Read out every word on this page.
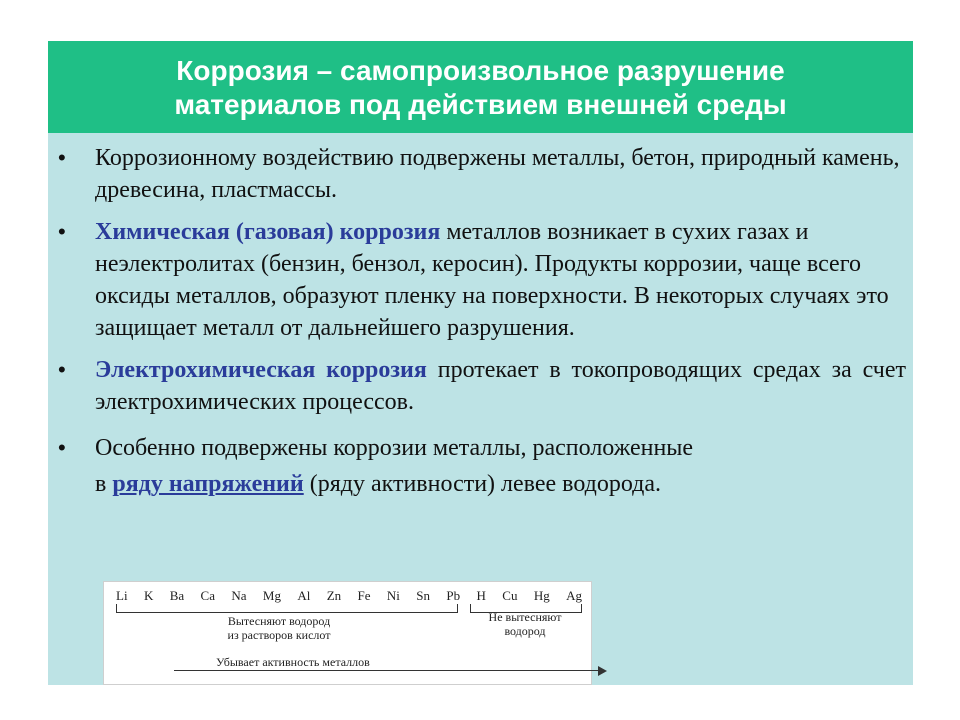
Коррозия – самопроизвольное разрушение
материалов под действием внешней среды
• Коррозионному воздействию подвержены металлы, бетон, природный камень, древесина, пластмассы.
• Химическая (газовая) коррозия металлов возникает в сухих газах и неэлектролитах (бензин, бензол, керосин). Продукты коррозии, чаще всего оксиды металлов, образуют пленку на поверхности. В некоторых случаях это защищает металл от дальнейшего разрушения.
• Электрохимическая коррозия протекает в токопроводящих средах за счет электрохимических процессов.
• Особенно подвержены коррозии металлы, расположенные
в ряду напряжений (ряду активности) левее водорода.
Li K Ba Ca Na Mg Al Zn Fe Ni Sn Pb H Cu Hg Ag
Вытесняют водород
из растворов кислот
Не вытесняют
водород
Убывает активность металлов
